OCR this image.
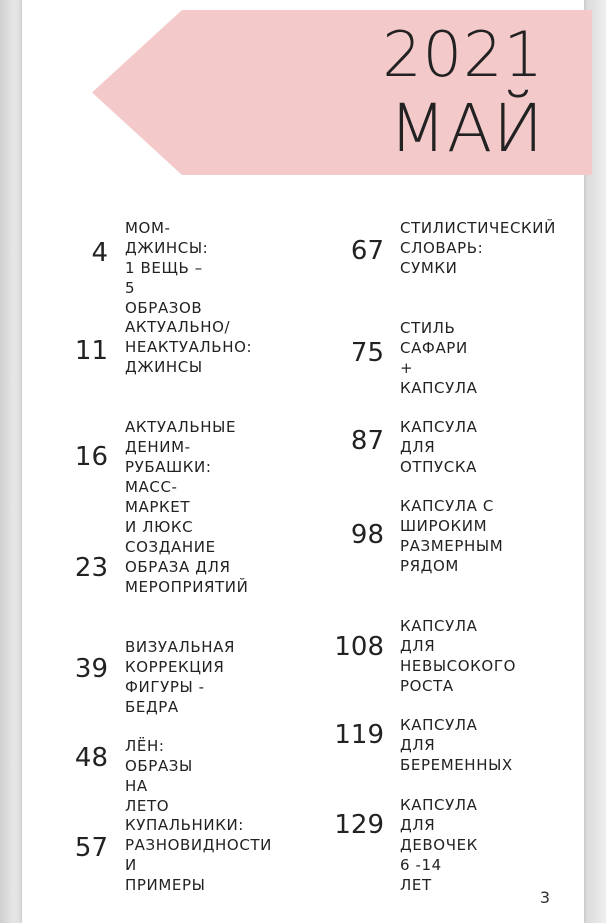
2021
МАЙ
4
МОМ-ДЖИНСЫ:
1 ВЕЩЬ –
5 ОБРАЗОВ
11
АКТУАЛЬНО/
НЕАКТУАЛЬНО:
ДЖИНСЫ
16
АКТУАЛЬНЫЕ
ДЕНИМ-РУБАШКИ:
МАСС-МАРКЕТ
И ЛЮКС
23
СОЗДАНИЕ
ОБРАЗА ДЛЯ
МЕРОПРИЯТИЙ
39
ВИЗУАЛЬНАЯ
КОРРЕКЦИЯ
ФИГУРЫ - БЕДРА
48 ЛЁН: ОБРАЗЫ
НА ЛЕТО
57
КУПАЛЬНИКИ:
РАЗНОВИДНОСТИ И
ПРИМЕРЫ
67
СТИЛИСТИЧЕСКИЙ
СЛОВАРЬ:
СУМКИ
75
СТИЛЬ
САФАРИ
+ КАПСУЛА
87 КАПСУЛА
ДЛЯ ОТПУСКА
98
КАПСУЛА С
ШИРОКИМ
РАЗМЕРНЫМ
РЯДОМ
108
КАПСУЛА ДЛЯ
НЕВЫСОКОГО
РОСТА
119 КАПСУЛА ДЛЯ
БЕРЕМЕННЫХ
129
КАПСУЛА ДЛЯ
ДЕВОЧЕК
6 -14 ЛЕТ
3
